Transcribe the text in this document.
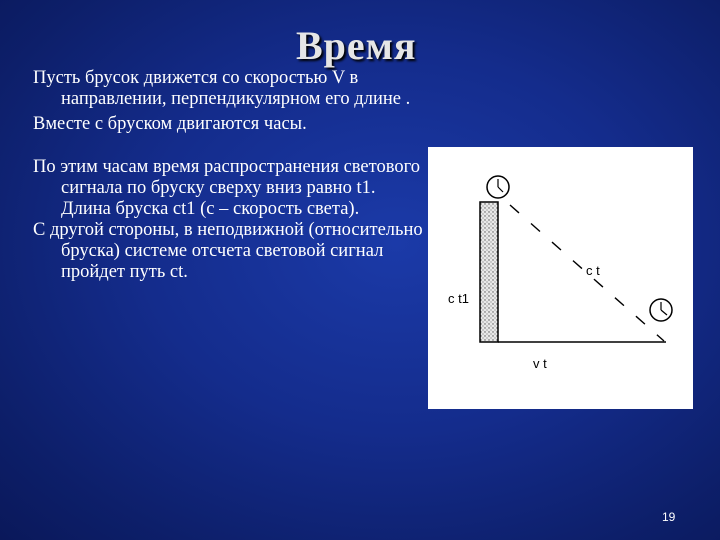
Время

Пусть брусок движется со скоростью V в направлении, перпендикулярном его длине .

Вместе с бруском двигаются часы.

По этим часам время распространения светового сигнала по бруску сверху вниз равно t1. Длина бруска ct1 (c – скорость света).

С другой стороны, в неподвижной (относительно бруска) системе отсчета световой сигнал пройдет путь ct.

c t1
c t
v t
19
